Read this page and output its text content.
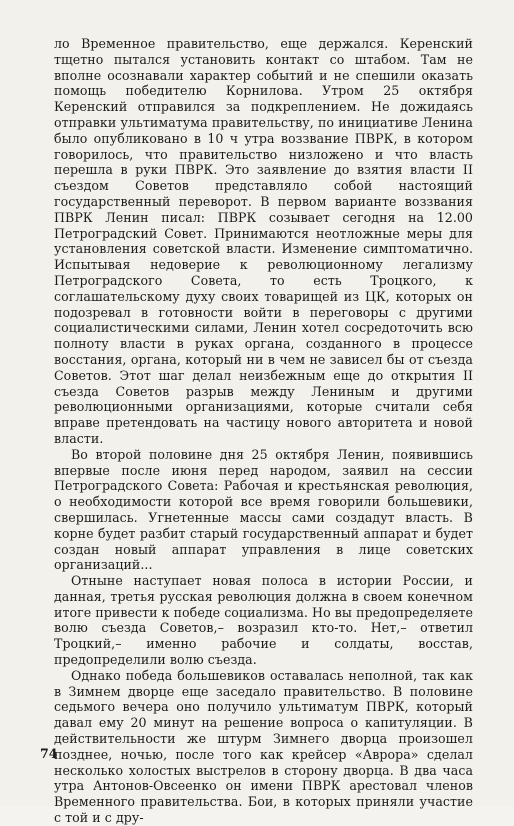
ло Временное правительство, еще держался. Керенский тщетно пытался установить контакт со штабом. Там не вполне осознавали характер событий и не спешили оказать помощь победителю Корнилова. Утром 25 октября Керенский отправился за подкреплением. Не дожидаясь отправки ультиматума правительству, по инициативе Ленина было опубликовано в 10 ч утра воззвание ПВРК, в котором говорилось, что правительство низложено и что власть перешла в руки ПВРК. Это заявление до взятия власти II съездом Советов представляло собой настоящий государственный переворот. В первом варианте воззвания ПВРК Ленин писал: ПВРК созывает сегодня на 12.00 Петроградский Совет. Принимаются неотложные меры для установления советской власти. Изменение симптоматично. Испытывая недоверие к революционному легализму Петроградского Совета, то есть Троцкого, к соглашательскому духу своих товарищей из ЦК, которых он подозревал в готовности войти в переговоры с другими социалистическими силами, Ленин хотел сосредоточить всю полноту власти в руках органа, созданного в процессе восстания, органа, который ни в чем не зависел бы от съезда Советов. Этот шаг делал неизбежным еще до открытия II съезда Советов разрыв между Лениным и другими революционными организациями, которые считали себя вправе претендовать на частицу нового авторитета и новой власти.

Во второй половине дня 25 октября Ленин, появившись впервые после июня перед народом, заявил на сессии Петроградского Совета: Рабочая и крестьянская революция, о необходимости которой все время говорили большевики, свершилась. Угнетенные массы сами создадут власть. В корне будет разбит старый государственный аппарат и будет создан новый аппарат управления в лице советских организаций...

Отныне наступает новая полоса в истории России, и данная, третья русская революция должна в своем конечном итоге привести к победе социализма. Но вы предопределяете волю съезда Советов,– возразил кто-то. Нет,– ответил Троцкий,– именно рабочие и солдаты, восстав, предопределили волю съезда.

Однако победа большевиков оставалась неполной, так как в Зимнем дворце еще заседало правительство. В половине седьмого вечера оно получило ультиматум ПВРК, который давал ему 20 минут на решение вопроса о капитуляции. В действительности же штурм Зимнего дворца произошел позднее, ночью, после того как крейсер «Аврора» сделал несколько холостых выстрелов в сторону дворца. В два часа утра Антонов-Овсеенко он имени ПВРК арестовал членов Временного правительства. Бои, в которых приняли участие с той и с дру-

74
